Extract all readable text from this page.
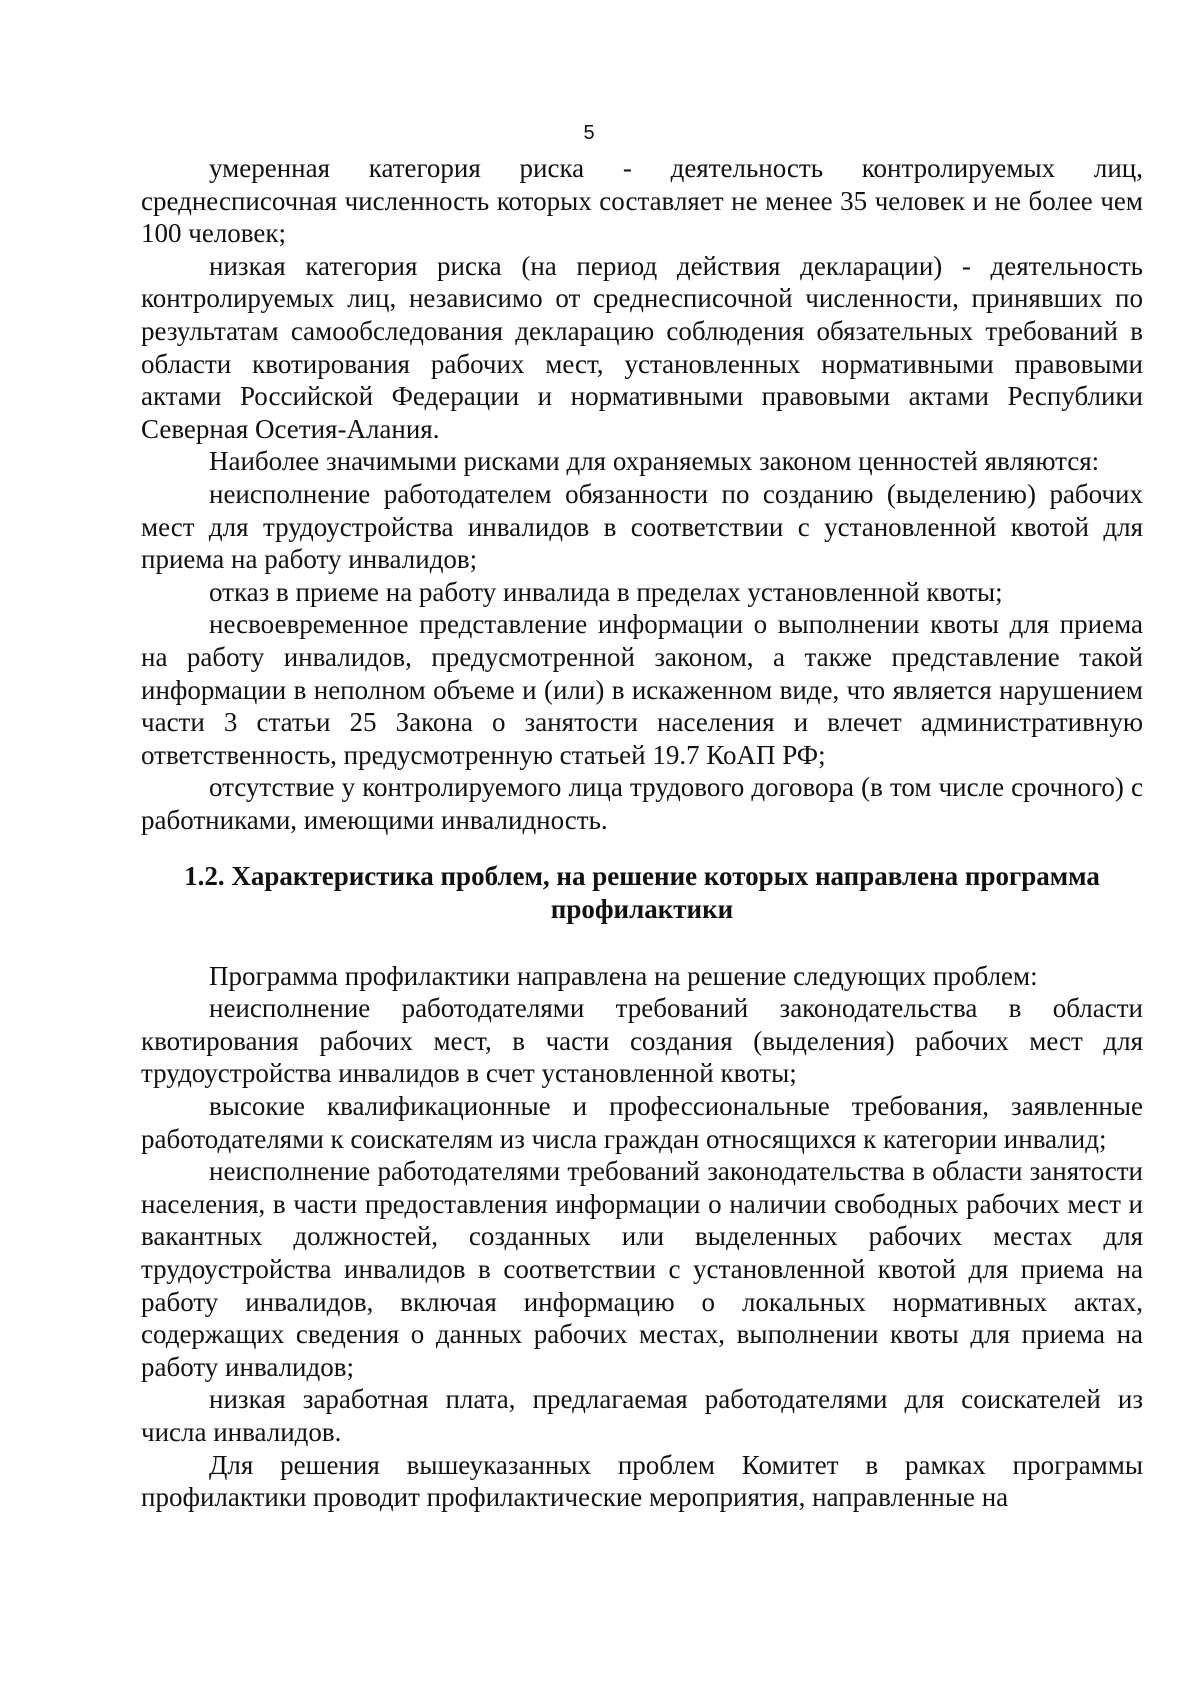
5

умеренная категория риска - деятельность контролируемых лиц, среднесписочная численность которых составляет не менее 35 человек и не более чем 100 человек;

низкая категория риска (на период действия декларации) - деятельность контролируемых лиц, независимо от среднесписочной численности, принявших по результатам самообследования декларацию соблюдения обязательных требований в области квотирования рабочих мест, установленных нормативными правовыми актами Российской Федерации и нормативными правовыми актами Республики Северная Осетия-Алания.

Наиболее значимыми рисками для охраняемых законом ценностей являются:

неисполнение работодателем обязанности по созданию (выделению) рабочих мест для трудоустройства инвалидов в соответствии с установленной квотой для приема на работу инвалидов;

отказ в приеме на работу инвалида в пределах установленной квоты;

несвоевременное представление информации о выполнении квоты для приема на работу инвалидов, предусмотренной законом, а также представление такой информации в неполном объеме и (или) в искаженном виде, что является нарушением части 3 статьи 25 Закона о занятости населения и влечет административную ответственность, предусмотренную статьей 19.7 КоАП РФ;

отсутствие у контролируемого лица трудового договора (в том числе срочного) с работниками, имеющими инвалидность.

1.2. Характеристика проблем, на решение которых направлена программа
профилактики

Программа профилактики направлена на решение следующих проблем:

неисполнение работодателями требований законодательства в области квотирования рабочих мест, в части создания (выделения) рабочих мест для трудоустройства инвалидов в счет установленной квоты;

высокие квалификационные и профессиональные требования, заявленные работодателями к соискателям из числа граждан относящихся к категории инвалид;

неисполнение работодателями требований законодательства в области занятости населения, в части предоставления информации о наличии свободных рабочих мест и вакантных должностей, созданных или выделенных рабочих местах для трудоустройства инвалидов в соответствии с установленной квотой для приема на работу инвалидов, включая информацию о локальных нормативных актах, содержащих сведения о данных рабочих местах, выполнении квоты для приема на работу инвалидов;

низкая заработная плата, предлагаемая работодателями для соискателей из числа инвалидов.

Для решения вышеуказанных проблем Комитет в рамках программы профилактики проводит профилактические мероприятия, направленные на
